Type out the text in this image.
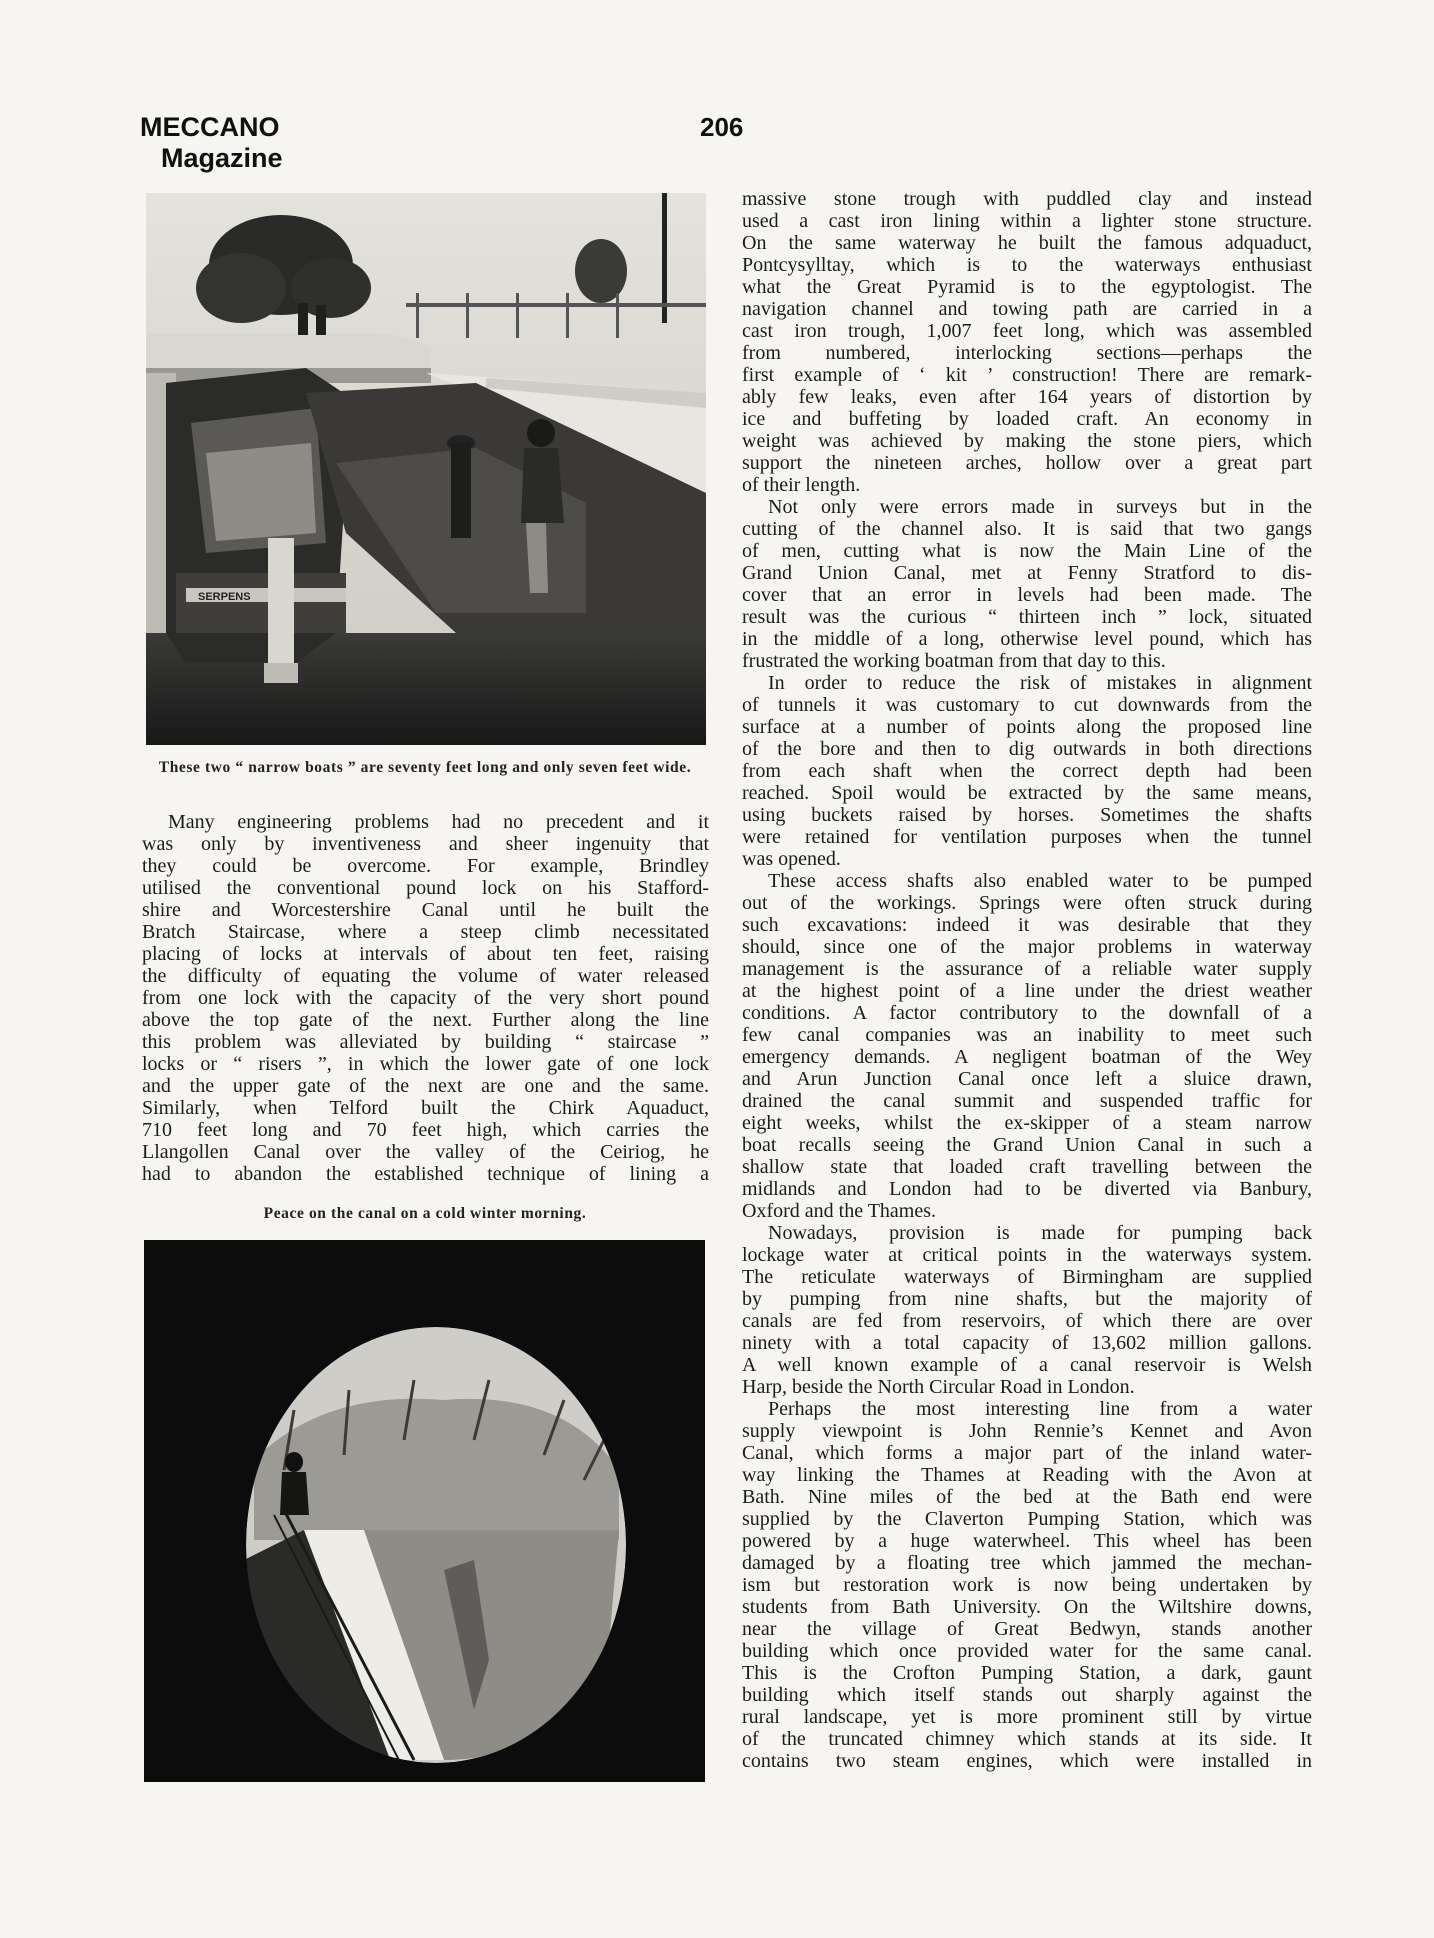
MECCANO
Magazine
206
SERPENS
These two “ narrow boats ” are seventy feet long and only seven feet wide.
Many engineering problems had no precedent and it
was only by inventiveness and sheer ingenuity that
they could be overcome. For example, Brindley
utilised the conventional pound lock on his Stafford-
shire and Worcestershire Canal until he built the
Bratch Staircase, where a steep climb necessitated
placing of locks at intervals of about ten feet, raising
the difficulty of equating the volume of water released
from one lock with the capacity of the very short pound
above the top gate of the next. Further along the line
this problem was alleviated by building “ staircase ”
locks or “ risers ”, in which the lower gate of one lock
and the upper gate of the next are one and the same.
Similarly, when Telford built the Chirk Aquaduct,
710 feet long and 70 feet high, which carries the
Llangollen Canal over the valley of the Ceiriog, he
had to abandon the established technique of lining a
Peace on the canal on a cold winter morning.
massive stone trough with puddled clay and instead
used a cast iron lining within a lighter stone structure.
On the same waterway he built the famous adquaduct,
Pontcysylltay, which is to the waterways enthusiast
what the Great Pyramid is to the egyptologist. The
navigation channel and towing path are carried in a
cast iron trough, 1,007 feet long, which was assembled
from numbered, interlocking sections—perhaps the
first example of ‘ kit ’ construction! There are remark-
ably few leaks, even after 164 years of distortion by
ice and buffeting by loaded craft. An economy in
weight was achieved by making the stone piers, which
support the nineteen arches, hollow over a great part
of their length.
Not only were errors made in surveys but in the
cutting of the channel also. It is said that two gangs
of men, cutting what is now the Main Line of the
Grand Union Canal, met at Fenny Stratford to dis-
cover that an error in levels had been made. The
result was the curious “ thirteen inch ” lock, situated
in the middle of a long, otherwise level pound, which has
frustrated the working boatman from that day to this.
In order to reduce the risk of mistakes in alignment
of tunnels it was customary to cut downwards from the
surface at a number of points along the proposed line
of the bore and then to dig outwards in both directions
from each shaft when the correct depth had been
reached. Spoil would be extracted by the same means,
using buckets raised by horses. Sometimes the shafts
were retained for ventilation purposes when the tunnel
was opened.
These access shafts also enabled water to be pumped
out of the workings. Springs were often struck during
such excavations: indeed it was desirable that they
should, since one of the major problems in waterway
management is the assurance of a reliable water supply
at the highest point of a line under the driest weather
conditions. A factor contributory to the downfall of a
few canal companies was an inability to meet such
emergency demands. A negligent boatman of the Wey
and Arun Junction Canal once left a sluice drawn,
drained the canal summit and suspended traffic for
eight weeks, whilst the ex-skipper of a steam narrow
boat recalls seeing the Grand Union Canal in such a
shallow state that loaded craft travelling between the
midlands and London had to be diverted via Banbury,
Oxford and the Thames.
Nowadays, provision is made for pumping back
lockage water at critical points in the waterways system.
The reticulate waterways of Birmingham are supplied
by pumping from nine shafts, but the majority of
canals are fed from reservoirs, of which there are over
ninety with a total capacity of 13,602 million gallons.
A well known example of a canal reservoir is Welsh
Harp, beside the North Circular Road in London.
Perhaps the most interesting line from a water
supply viewpoint is John Rennie’s Kennet and Avon
Canal, which forms a major part of the inland water-
way linking the Thames at Reading with the Avon at
Bath. Nine miles of the bed at the Bath end were
supplied by the Claverton Pumping Station, which was
powered by a huge waterwheel. This wheel has been
damaged by a floating tree which jammed the mechan-
ism but restoration work is now being undertaken by
students from Bath University. On the Wiltshire downs,
near the village of Great Bedwyn, stands another
building which once provided water for the same canal.
This is the Crofton Pumping Station, a dark, gaunt
building which itself stands out sharply against the
rural landscape, yet is more prominent still by virtue
of the truncated chimney which stands at its side. It
contains two steam engines, which were installed in
